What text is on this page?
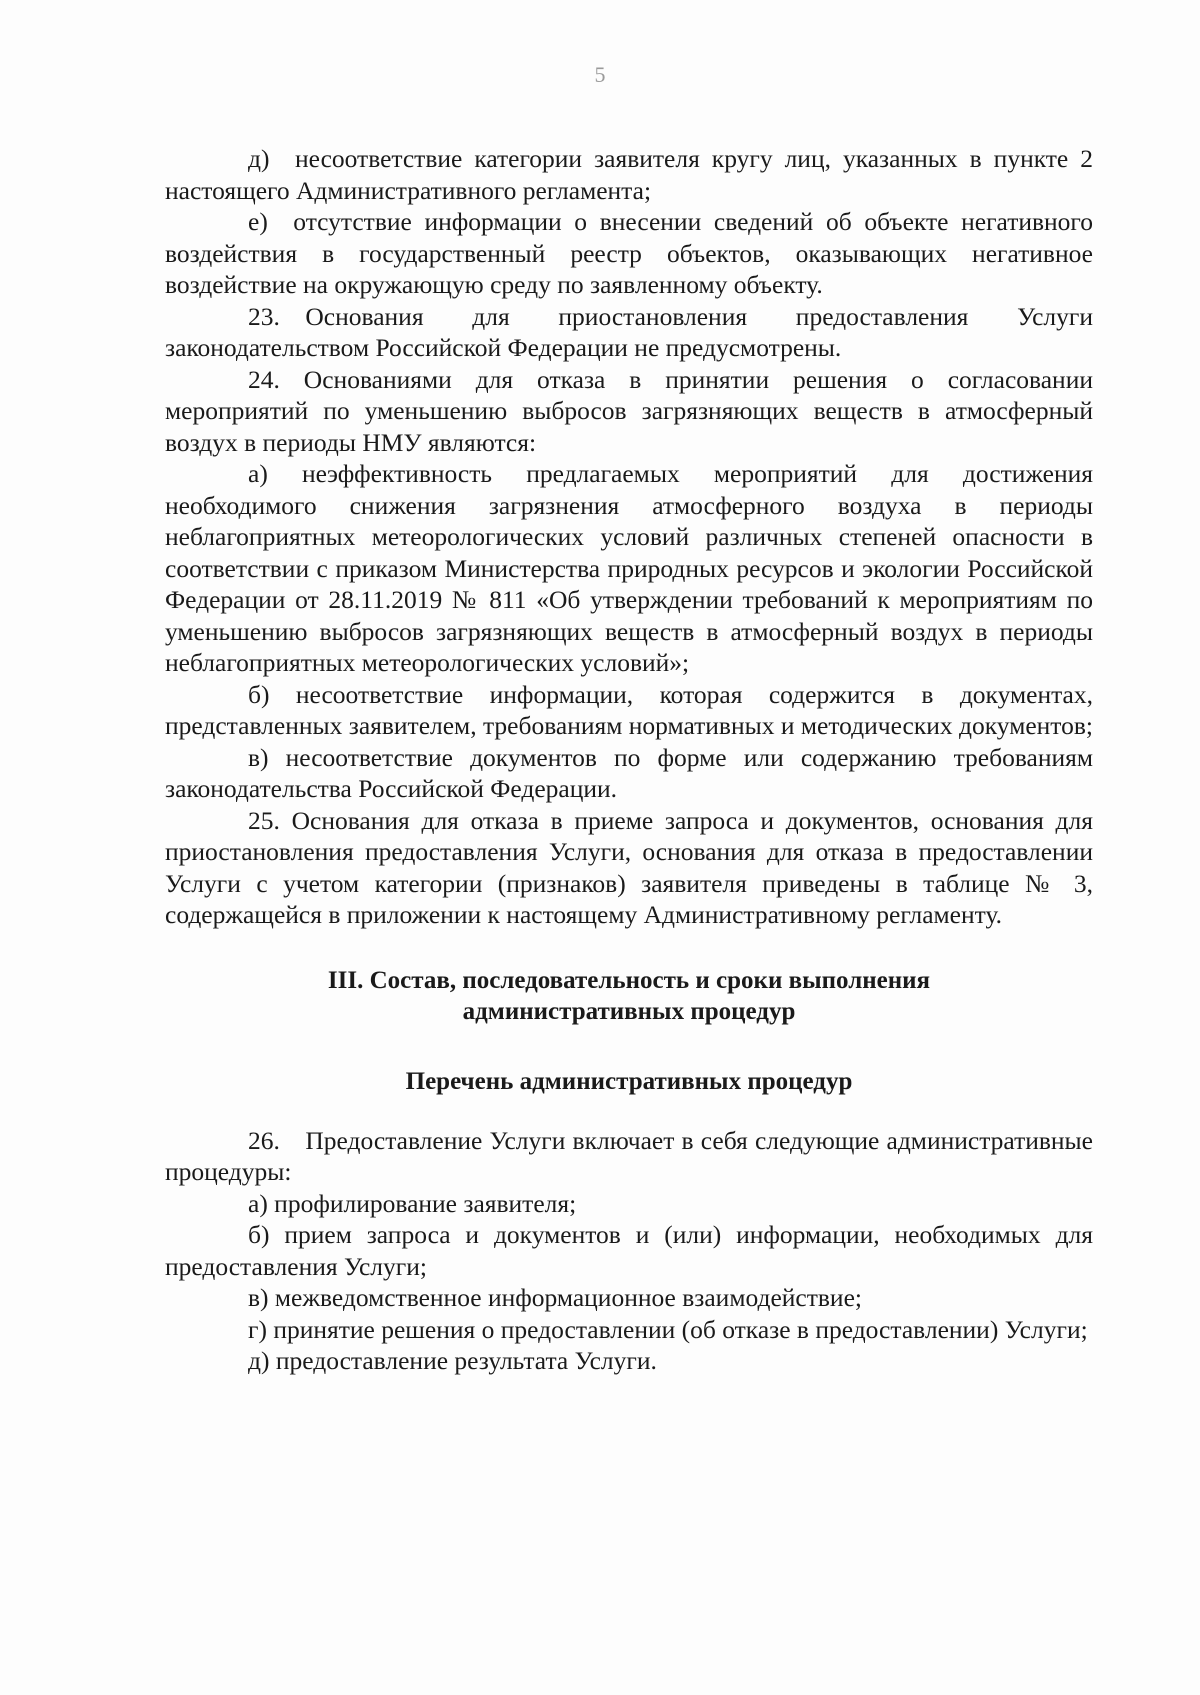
5

д) несоответствие категории заявителя кругу лиц, указанных в пункте 2 настоящего Административного регламента;

е) отсутствие информации о внесении сведений об объекте негативного воздействия в государственный реестр объектов, оказывающих негативное воздействие на окружающую среду по заявленному объекту.

23. Основания для приостановления предоставления Услуги законодательством Российской Федерации не предусмотрены.

24. Основаниями для отказа в принятии решения о согласовании мероприятий по уменьшению выбросов загрязняющих веществ в атмосферный воздух в периоды НМУ являются:

а) неэффективность предлагаемых мероприятий для достижения необходимого снижения загрязнения атмосферного воздуха в периоды неблагоприятных метеорологических условий различных степеней опасности в соответствии с приказом Министерства природных ресурсов и экологии Российской Федерации от 28.11.2019 № 811 «Об утверждении требований к мероприятиям по уменьшению выбросов загрязняющих веществ в атмосферный воздух в периоды неблагоприятных метеорологических условий»;

б) несоответствие информации, которая содержится в документах, представленных заявителем, требованиям нормативных и методических документов;

в) несоответствие документов по форме или содержанию требованиям законодательства Российской Федерации.

25. Основания для отказа в приеме запроса и документов, основания для приостановления предоставления Услуги, основания для отказа в предоставлении Услуги с учетом категории (признаков) заявителя приведены в таблице № 3, содержащейся в приложении к настоящему Административному регламенту.

III. Состав, последовательность и сроки выполнения

административных процедур

Перечень административных процедур

26. Предоставление Услуги включает в себя следующие административные процедуры:

а) профилирование заявителя;

б) прием запроса и документов и (или) информации, необходимых для предоставления Услуги;

в) межведомственное информационное взаимодействие;

г) принятие решения о предоставлении (об отказе в предоставлении) Услуги;

д) предоставление результата Услуги.
